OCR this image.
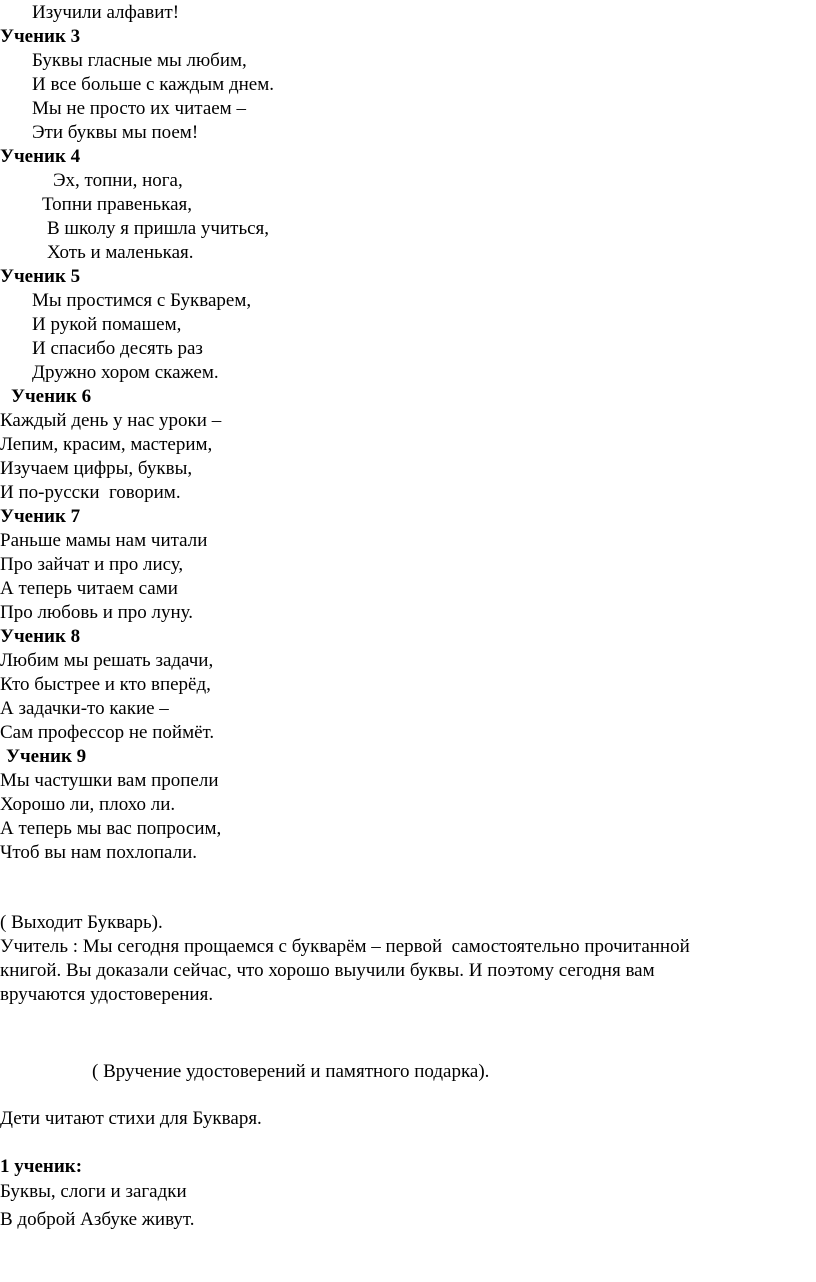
Изучили алфавит!
Ученик 3
Буквы гласные мы любим,
И все больше с каждым днем.
Мы не просто их читаем –
Эти буквы мы поем!
Ученик 4
Эх, топни, нога,
Топни правенькая,
В школу я пришла учиться,
Хоть и маленькая.
Ученик 5
Мы простимся с Букварем,
И рукой помашем,
И спасибо десять раз
Дружно хором скажем.
Ученик 6
Каждый день у нас уроки –
Лепим, красим, мастерим,
Изучаем цифры, буквы,
И по-русски  говорим.
Ученик 7
Раньше мамы нам читали
Про зайчат и про лису,
А теперь читаем сами
Про любовь и про луну.
Ученик 8
Любим мы решать задачи,
Кто быстрее и кто вперёд,
А задачки-то какие –
Сам профессор не поймёт.
Ученик 9
Мы частушки вам пропели
Хорошо ли, плохо ли.
А теперь мы вас попросим,
Чтоб вы нам похлопали.
( Выходит Букварь).
Учитель : Мы сегодня прощаемся с букварём – первой  самостоятельно прочитанной
книгой. Вы доказали сейчас, что хорошо выучили буквы. И поэтому сегодня вам
вручаются удостоверения.
( Вручение удостоверений и памятного подарка).
Дети читают стихи для Букваря.
1 ученик:
Буквы, слоги и загадки
В доброй Азбуке живут.
